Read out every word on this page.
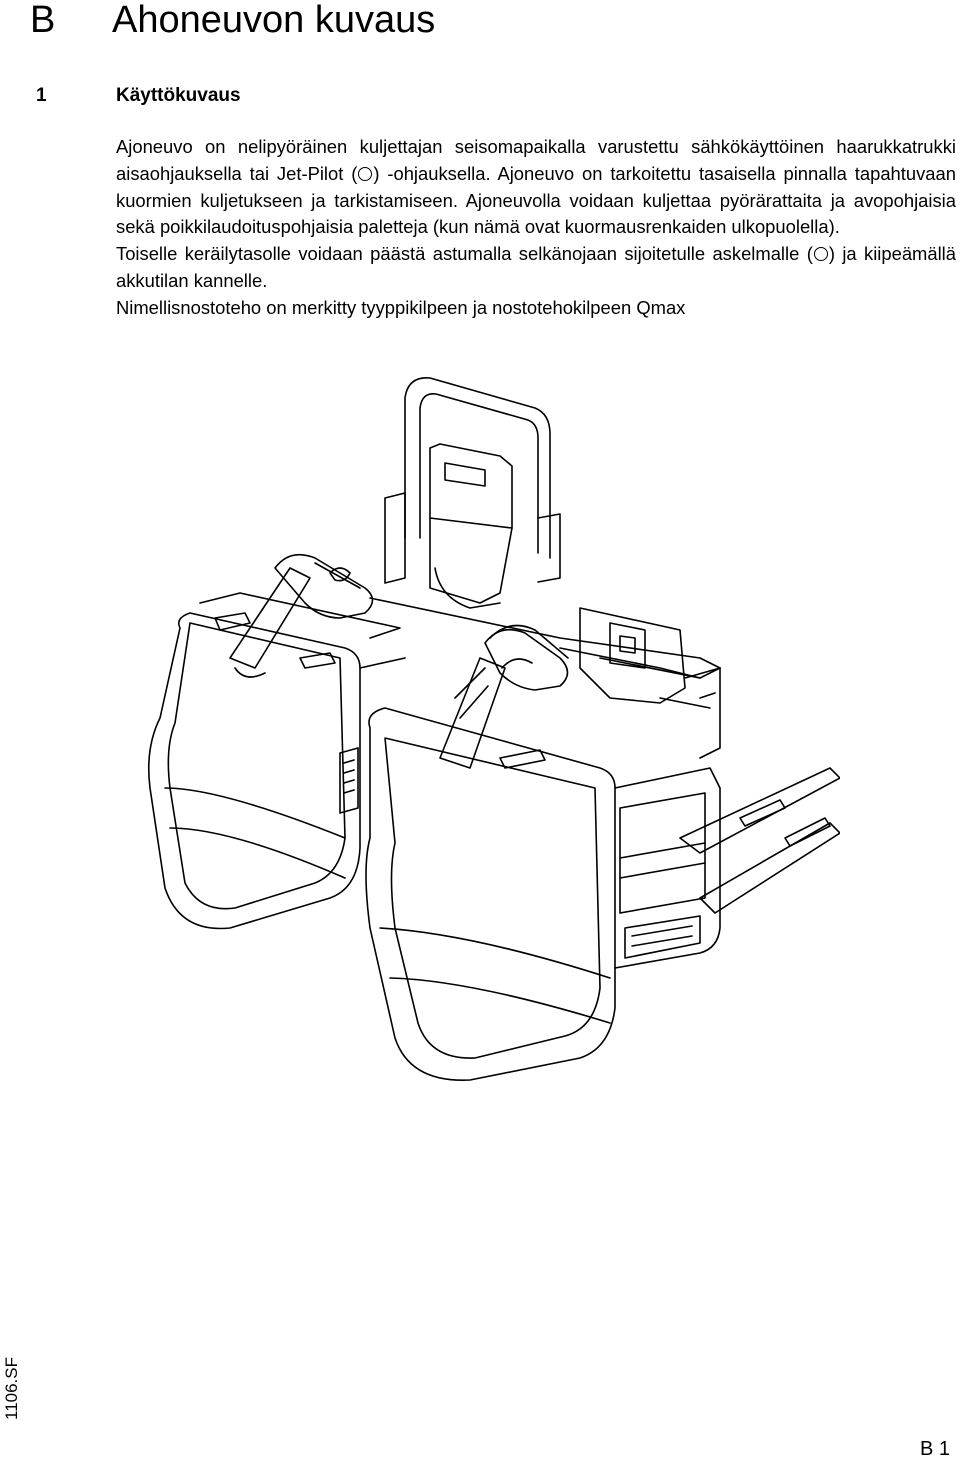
B Ahoneuvon kuvaus
1	Käyttökuvaus

Ajoneuvo on nelipyöräinen kuljettajan seisomapaikalla varustettu sähkökäyttöinen haarukkatrukki aisaohjauksella tai Jet-Pilot ( ) -ohjauksella. Ajoneuvo on tarkoitettu tasaisella pinnalla tapahtuvaan kuormien kuljetukseen ja tarkistamiseen. Ajoneuvolla voidaan kuljettaa pyörärattaita ja avopohjaisia sekä poikkilaudoituspohjaisia paletteja (kun nämä ovat kuormausrenkaiden ulkopuolella).

Toiselle keräilytasolle voidaan päästä astumalla selkänojaan sijoitetulle askelmalle ( ) ja kiipeämällä akkutilan kannelle.

Nimellisnostoteho on merkitty tyyppikilpeen ja nostotehokilpeen Qmax

1106.SF
B 1
